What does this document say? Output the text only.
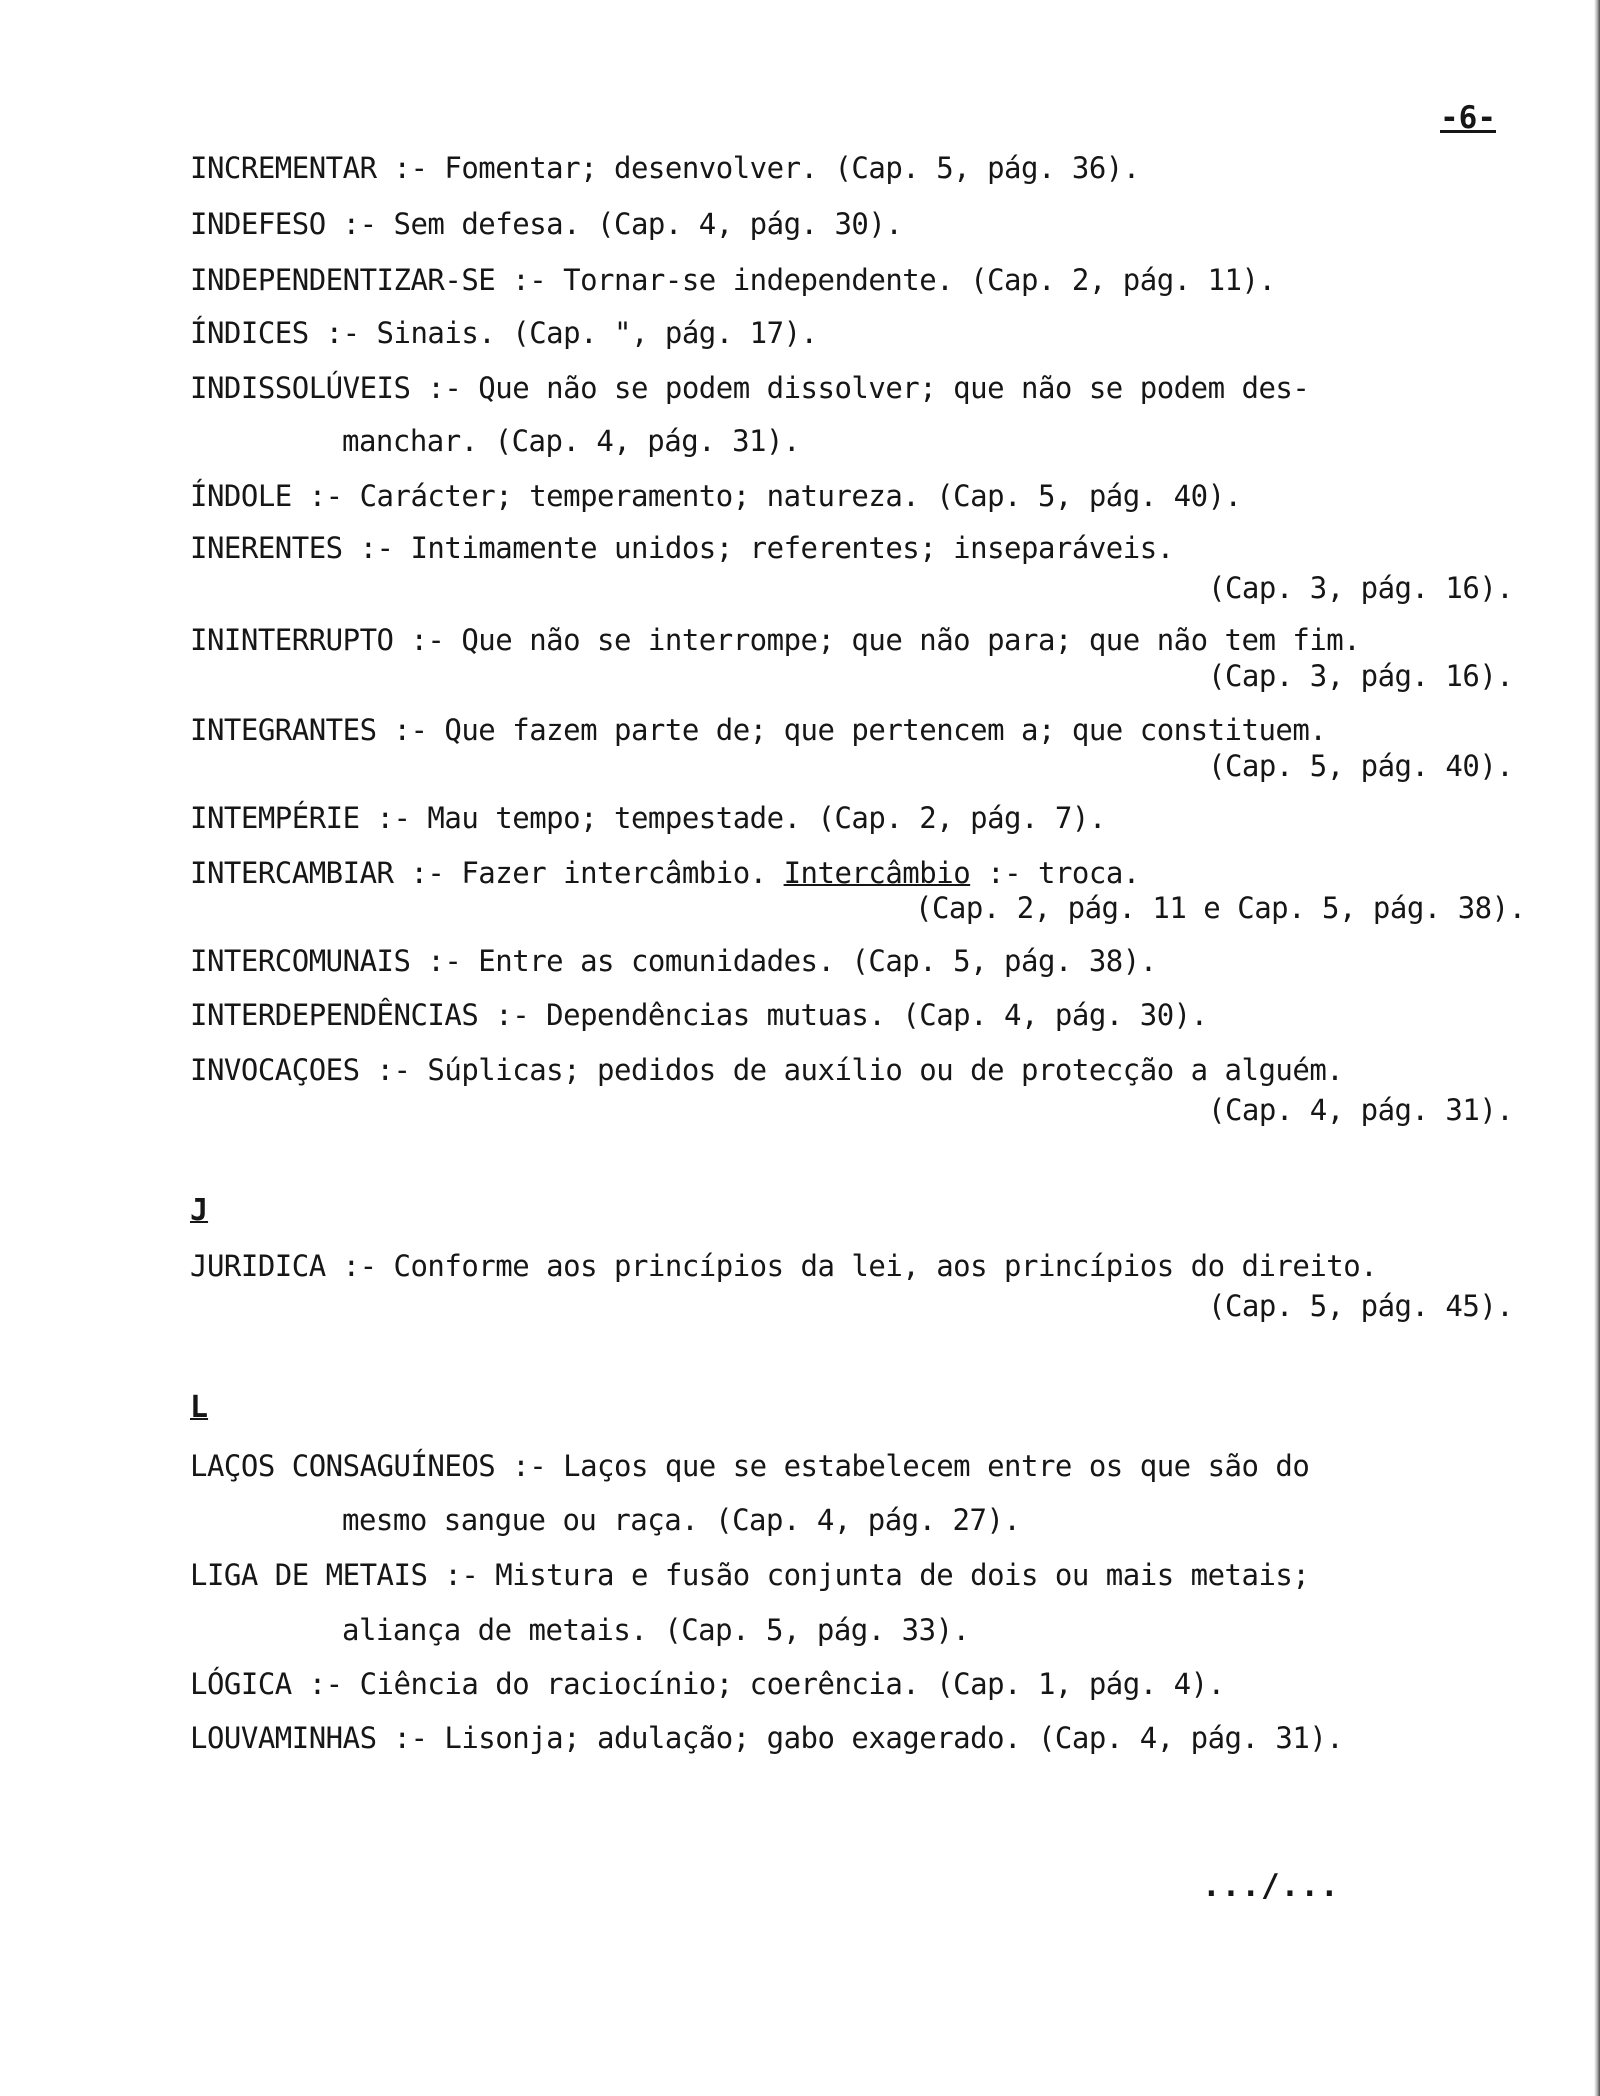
-6-
INCREMENTAR :- Fomentar; desenvolver. (Cap. 5, pág. 36).
INDEFESO :- Sem defesa. (Cap. 4, pág. 30).
INDEPENDENTIZAR-SE :- Tornar-se independente. (Cap. 2, pág. 11).
ÍNDICES :- Sinais. (Cap. ", pág. 17).
INDISSOLÚVEIS :- Que não se podem dissolver; que não se podem des-
manchar. (Cap. 4, pág. 31).
ÍNDOLE :- Carácter; temperamento; natureza. (Cap. 5, pág. 40).
INERENTES :- Intimamente unidos; referentes; inseparáveis.
(Cap. 3, pág. 16).
ININTERRUPTO :- Que não se interrompe; que não para; que não tem fim.
(Cap. 3, pág. 16).
INTEGRANTES :- Que fazem parte de; que pertencem a; que constituem.
(Cap. 5, pág. 40).
INTEMPÉRIE :- Mau tempo; tempestade. (Cap. 2, pág. 7).
INTERCAMBIAR :- Fazer intercâmbio. Intercâmbio :- troca.
(Cap. 2, pág. 11 e Cap. 5, pág. 38).
INTERCOMUNAIS :- Entre as comunidades. (Cap. 5, pág. 38).
INTERDEPENDÊNCIAS :- Dependências mutuas. (Cap. 4, pág. 30).
INVOCAÇOES :- Súplicas; pedidos de auxílio ou de protecção a alguém.
(Cap. 4, pág. 31).
J
JURIDICA :- Conforme aos princípios da lei, aos princípios do direito.
(Cap. 5, pág. 45).
L
LAÇOS CONSAGUÍNEOS :- Laços que se estabelecem entre os que são do
mesmo sangue ou raça. (Cap. 4, pág. 27).
LIGA DE METAIS :- Mistura e fusão conjunta de dois ou mais metais;
aliança de metais. (Cap. 5, pág. 33).
LÓGICA :- Ciência do raciocínio; coerência. (Cap. 1, pág. 4).
LOUVAMINHAS :- Lisonja; adulação; gabo exagerado. (Cap. 4, pág. 31).
.../...
